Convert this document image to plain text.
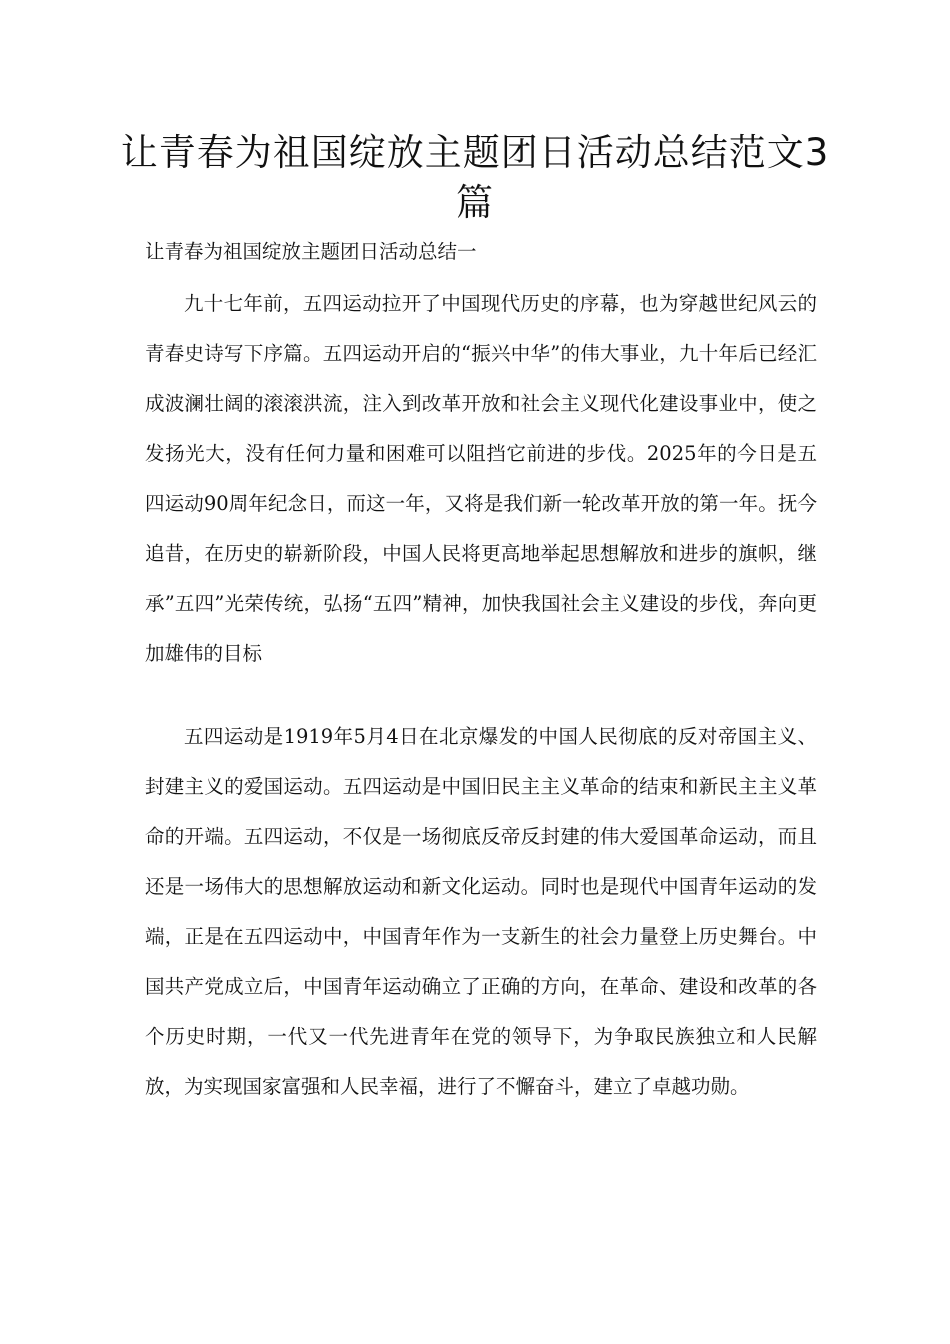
让青春为祖国绽放主题团日活动总结范文3篇

让青春为祖国绽放主题团日活动总结一

九十七年前，五四运动拉开了中国现代历史的序幕，也为穿越世纪风云的青春史诗写下序篇。五四运动开启的“振兴中华”的伟大事业，九十年后已经汇成波澜壮阔的滚滚洪流，注入到改革开放和社会主义现代化建设事业中，使之发扬光大，没有任何力量和困难可以阻挡它前进的步伐。2025年的今日是五四运动90周年纪念日，而这一年，又将是我们新一轮改革开放的第一年。抚今追昔，在历史的崭新阶段，中国人民将更高地举起思想解放和进步的旗帜，继承”五四”光荣传统，弘扬“五四”精神，加快我国社会主义建设的步伐，奔向更加雄伟的目标

五四运动是1919年5月4日在北京爆发的中国人民彻底的反对帝国主义、封建主义的爱国运动。五四运动是中国旧民主主义革命的结束和新民主主义革命的开端。五四运动，不仅是一场彻底反帝反封建的伟大爱国革命运动，而且还是一场伟大的思想解放运动和新文化运动。同时也是现代中国青年运动的发端，正是在五四运动中，中国青年作为一支新生的社会力量登上历史舞台。中国共产党成立后，中国青年运动确立了正确的方向，在革命、建设和改革的各个历史时期，一代又一代先进青年在党的领导下，为争取民族独立和人民解放，为实现国家富强和人民幸福，进行了不懈奋斗，建立了卓越功勋。
